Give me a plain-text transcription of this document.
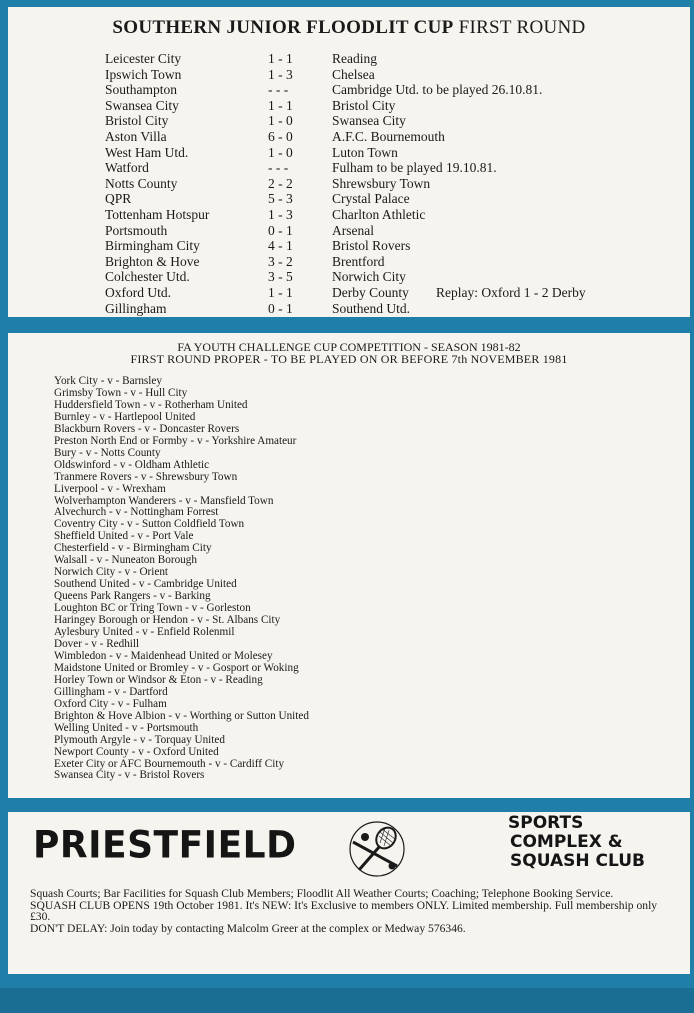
SOUTHERN JUNIOR FLOODLIT CUP FIRST ROUND
Leicester City	1 - 1	Reading
Ipswich Town	1 - 3	Chelsea
Southampton	- - -	Cambridge Utd. to be played 26.10.81.
Swansea City	1 - 1	Bristol City
Bristol City	1 - 0	Swansea City
Aston Villa	6 - 0	A.F.C. Bournemouth
West Ham Utd.	1 - 0	Luton Town
Watford	- - -	Fulham to be played 19.10.81.
Notts County	2 - 2	Shrewsbury Town
QPR	5 - 3	Crystal Palace
Tottenham Hotspur	1 - 3	Charlton Athletic
Portsmouth	0 - 1	Arsenal
Birmingham City	4 - 1	Bristol Rovers
Brighton & Hove	3 - 2	Brentford
Colchester Utd.	3 - 5	Norwich City
Oxford Utd.	1 - 1	Derby County Replay: Oxford 1 - 2 Derby
Gillingham	0 - 1	Southend Utd.
FA YOUTH CHALLENGE CUP COMPETITION - SEASON 1981-82
FIRST ROUND PROPER - TO BE PLAYED ON OR BEFORE 7th NOVEMBER 1981
York City - v - Barnsley
Grimsby Town - v - Hull City
Huddersfield Town - v - Rotherham United
Burnley - v - Hartlepool United
Blackburn Rovers - v - Doncaster Rovers
Preston North End or Formby - v - Yorkshire Amateur
Bury - v - Notts County
Oldswinford - v - Oldham Athletic
Tranmere Rovers - v - Shrewsbury Town
Liverpool - v - Wrexham
Wolverhampton Wanderers - v - Mansfield Town
Alvechurch - v - Nottingham Forrest
Coventry City - v - Sutton Coldfield Town
Sheffield United - v - Port Vale
Chesterfield - v - Birmingham City
Walsall - v - Nuneaton Borough
Norwich City - v - Orient
Southend United - v - Cambridge United
Queens Park Rangers - v - Barking
Loughton BC or Tring Town - v - Gorleston
Haringey Borough or Hendon - v - St. Albans City
Aylesbury United - v - Enfield Rolenmil
Dover - v - Redhill
Wimbledon - v - Maidenhead United or Molesey
Maidstone United or Bromley - v - Gosport or Woking
Horley Town or Windsor & Eton - v - Reading
Gillingham - v - Dartford
Oxford City - v - Fulham
Brighton & Hove Albion - v - Worthing or Sutton United
Welling United - v - Portsmouth
Plymouth Argyle - v - Torquay United
Newport County - v - Oxford United
Exeter City or AFC Bournemouth - v - Cardiff City
Swansea City - v - Bristol Rovers
PRIESTFIELD
SPORTS
COMPLEX &
SQUASH CLUB

Squash Courts; Bar Facilities for Squash Club Members; Floodlit All Weather Courts; Coaching; Telephone Booking Service.

SQUASH CLUB OPENS 19th October 1981. It's NEW: It's Exclusive to members ONLY. Limited membership. Full membership only £30.

DON'T DELAY: Join today by contacting Malcolm Greer at the complex or Medway 576346.
